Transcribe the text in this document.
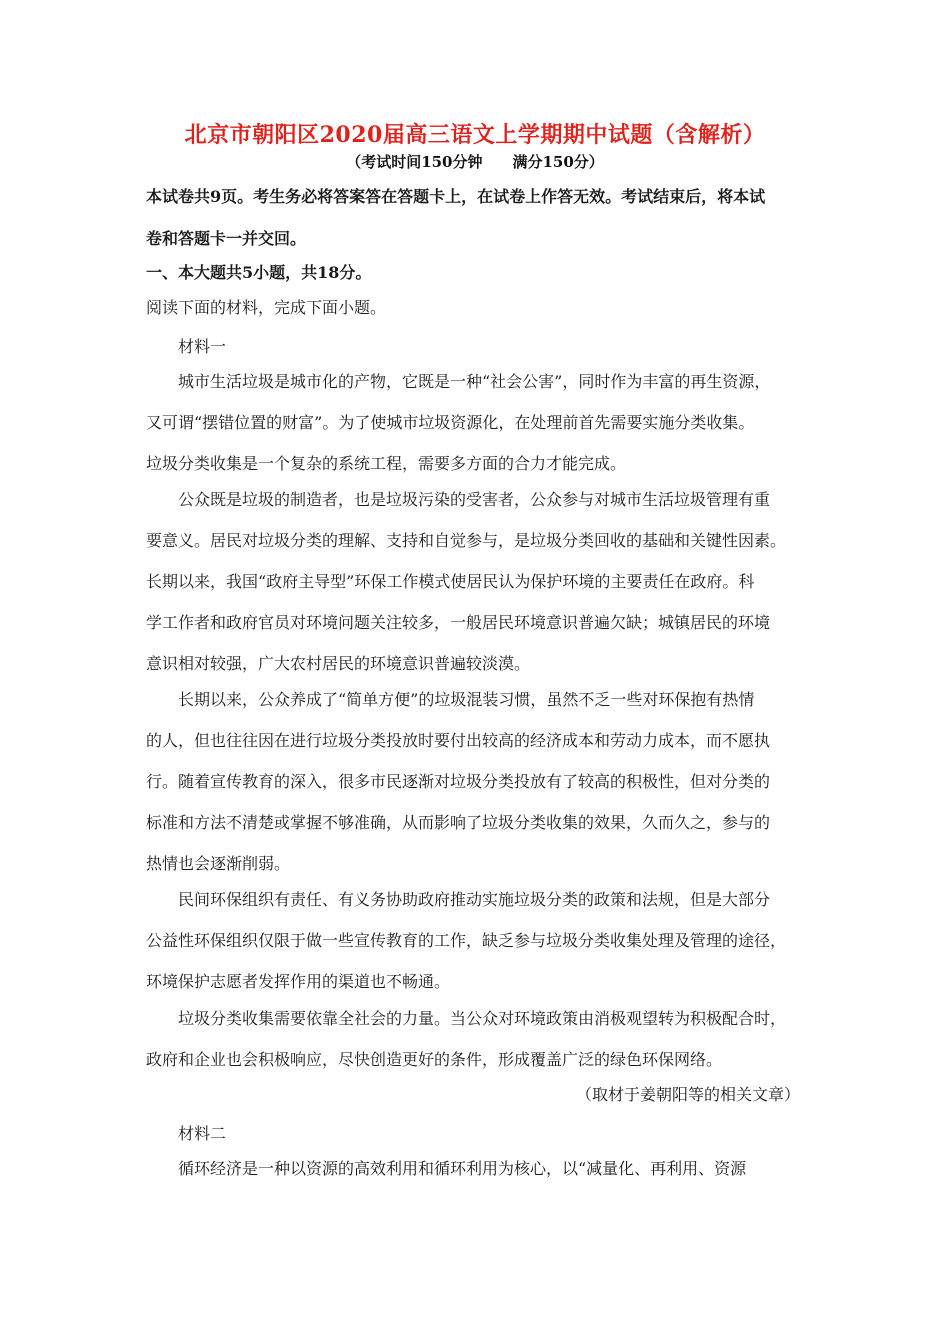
北京市朝阳区2020届高三语文上学期期中试题（含解析）
（考试时间150分钟　　满分150分）
本试卷共9页。考生务必将答案答在答题卡上，在试卷上作答无效。考试结束后，将本试
卷和答题卡一并交回。
一、本大题共5小题，共18分。
阅读下面的材料，完成下面小题。
材料一
城市生活垃圾是城市化的产物，它既是一种“社会公害”，同时作为丰富的再生资源，
又可谓“摆错位置的财富”。为了使城市垃圾资源化，在处理前首先需要实施分类收集。
垃圾分类收集是一个复杂的系统工程，需要多方面的合力才能完成。
公众既是垃圾的制造者，也是垃圾污染的受害者，公众参与对城市生活垃圾管理有重
要意义。居民对垃圾分类的理解、支持和自觉参与，是垃圾分类回收的基础和关键性因素。
长期以来，我国“政府主导型”环保工作模式使居民认为保护环境的主要责任在政府。科
学工作者和政府官员对环境问题关注较多，一般居民环境意识普遍欠缺；城镇居民的环境
意识相对较强，广大农村居民的环境意识普遍较淡漠。
长期以来，公众养成了“简单方便”的垃圾混装习惯，虽然不乏一些对环保抱有热情
的人，但也往往因在进行垃圾分类投放时要付出较高的经济成本和劳动力成本，而不愿执
行。随着宣传教育的深入，很多市民逐渐对垃圾分类投放有了较高的积极性，但对分类的
标准和方法不清楚或掌握不够准确，从而影响了垃圾分类收集的效果，久而久之，参与的
热情也会逐渐削弱。
民间环保组织有责任、有义务协助政府推动实施垃圾分类的政策和法规，但是大部分
公益性环保组织仅限于做一些宣传教育的工作，缺乏参与垃圾分类收集处理及管理的途径，
环境保护志愿者发挥作用的渠道也不畅通。
垃圾分类收集需要依靠全社会的力量。当公众对环境政策由消极观望转为积极配合时，
政府和企业也会积极响应，尽快创造更好的条件，形成覆盖广泛的绿色环保网络。
（取材于姜朝阳等的相关文章）
材料二
循环经济是一种以资源的高效利用和循环利用为核心，以“减量化、再利用、资源
